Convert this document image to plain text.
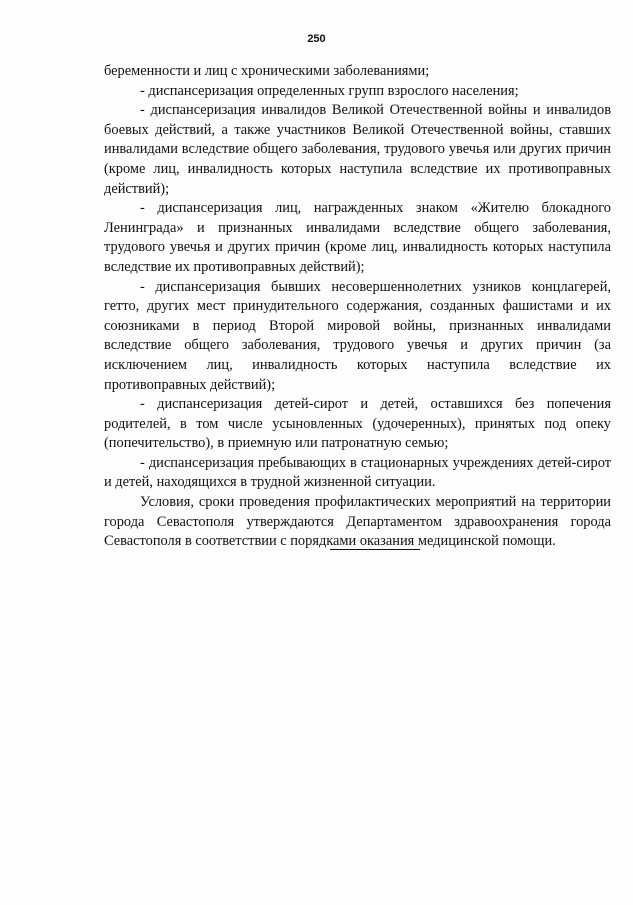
250

беременности и лиц с хроническими заболеваниями;

- диспансеризация определенных групп взрослого населения;

- диспансеризация инвалидов Великой Отечественной войны и инвалидов боевых действий, а также участников Великой Отечественной войны, ставших инвалидами вследствие общего заболевания, трудового увечья или других причин (кроме лиц, инвалидность которых наступила вследствие их противоправных действий);

- диспансеризация лиц, награжденных знаком «Жителю блокадного Ленинграда» и признанных инвалидами вследствие общего заболевания, трудового увечья и других причин (кроме лиц, инвалидность которых наступила вследствие их противоправных действий);

- диспансеризация бывших несовершеннолетних узников концлагерей, гетто, других мест принудительного содержания, созданных фашистами и их союзниками в период Второй мировой войны, признанных инвалидами вследствие общего заболевания, трудового увечья и других причин (за исключением лиц, инвалидность которых наступила вследствие их противоправных действий);

- диспансеризация детей-сирот и детей, оставшихся без попечения родителей, в том числе усыновленных (удочеренных), принятых под опеку (попечительство), в приемную или патронатную семью;

- диспансеризация пребывающих в стационарных учреждениях детей-сирот и детей, находящихся в трудной жизненной ситуации.

Условия, сроки проведения профилактических мероприятий на территории города Севастополя утверждаются Департаментом здравоохранения города Севастополя в соответствии с порядками оказания медицинской помощи.
